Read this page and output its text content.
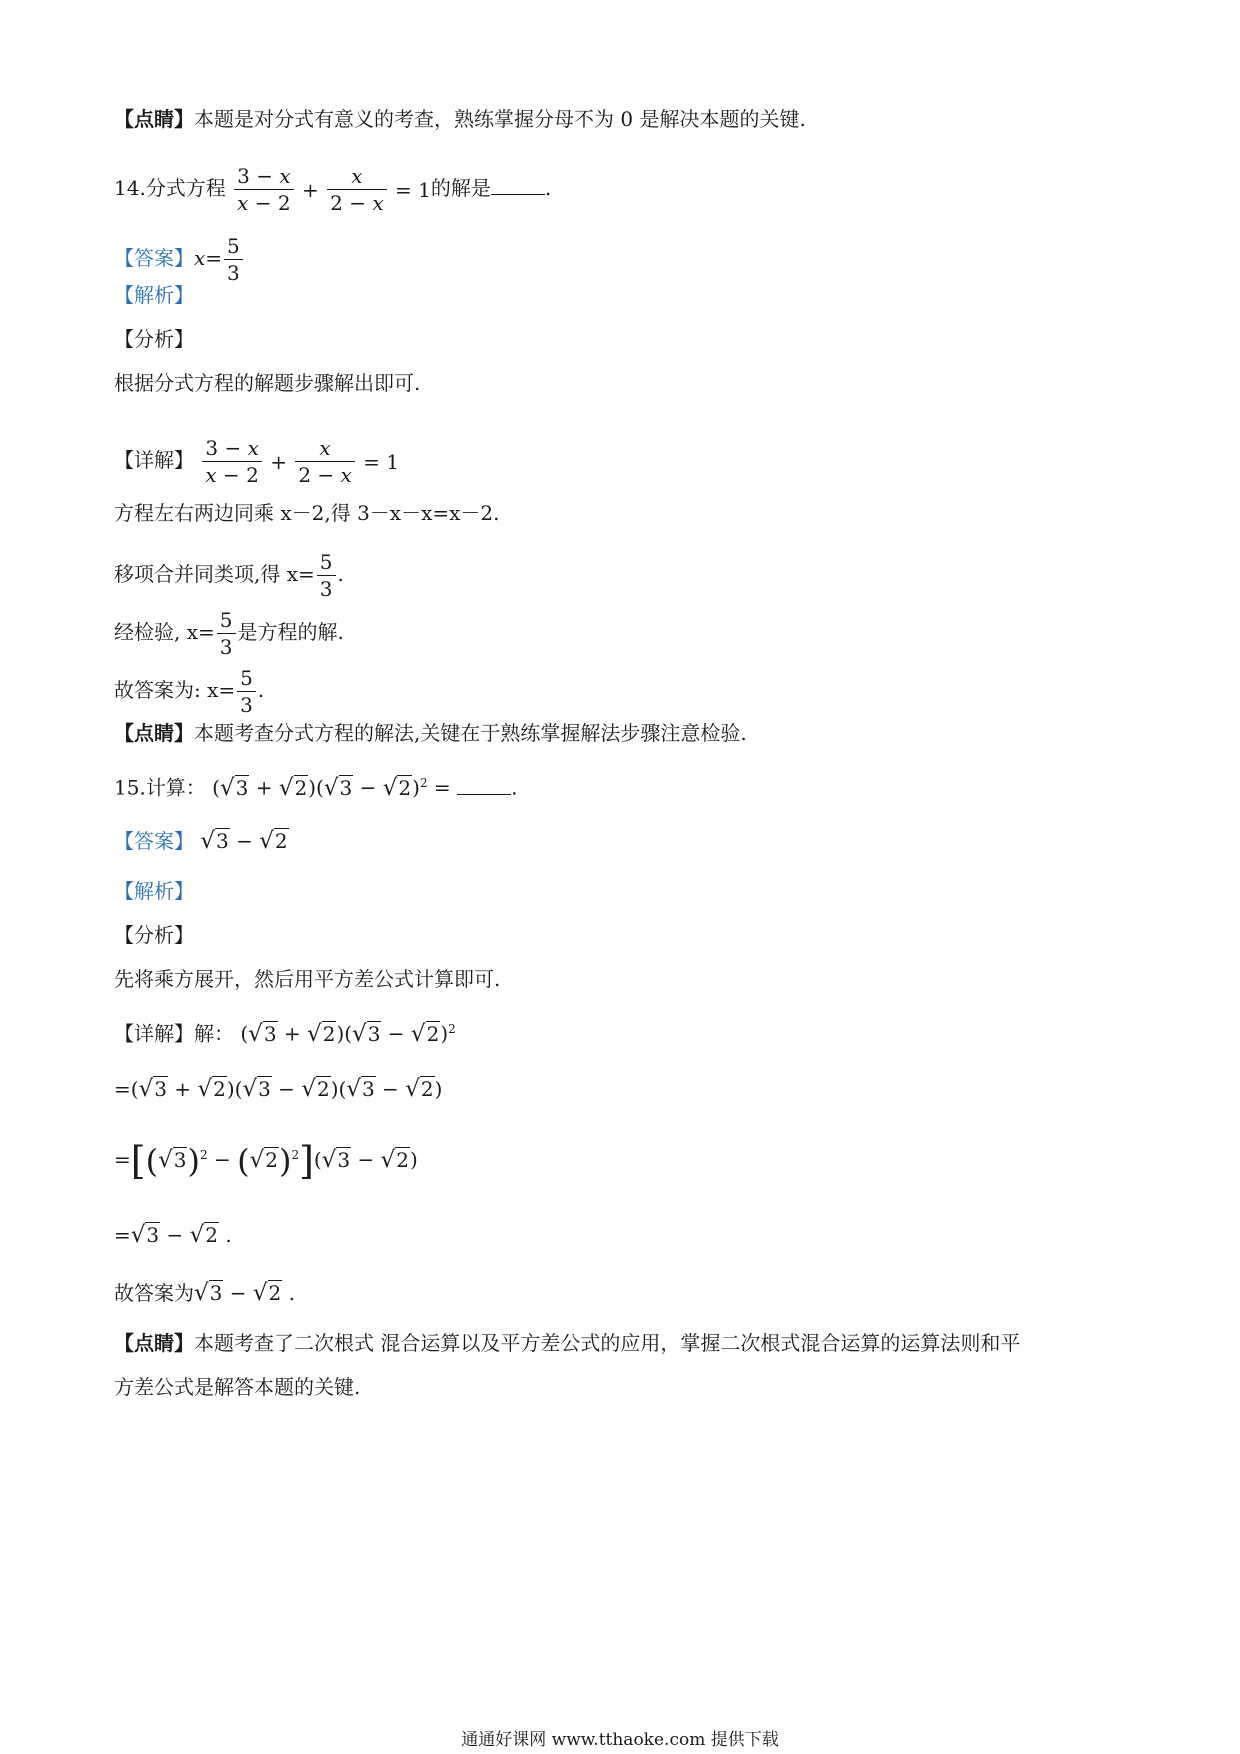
【点睛】本题是对分式有意义的考查，熟练掌握分母不为 0 是解决本题的关键.
14.分式方程 $\frac{3 - x}{x - 2} + \frac{x}{2 - x} = 1$的解是	.
【答案】$x= \frac{5}{3}$
【解析】
【分析】
根据分式方程的解题步骤解出即可.
【详解】 $\frac{3 - x}{x - 2} + \frac{x}{2 - x} = 1$
方程左右两边同乘 x－2,得 3－x－x=x－2.
移项合并同类项,得 $x= \frac{5}{3}$ .
经检验, $x= \frac{5}{3}$ 是方程的解.
故答案为: $x= \frac{5}{3}$ .
【点睛】本题考查分式方程的解法,关键在于熟练掌握解法步骤注意检验.
15.计算： $(√3 + √2)(√3 - √2)^2$ =	.
【答案】 √3 − √2
【解析】
【分析】
先将乘方展开，然后用平方差公式计算即可.
【详解】解： $(√3 + √2)(√3 - √2)^2$
=(√3 + √2)(√3 − √2)(√3 − √2)
$=[(√3)^2 - (√2)^2](√3 - √2)$
=√3 − √2 .
故答案为√3 − √2 .
【点睛】本题考查了二次根式 混合运算以及平方差公式的应用，掌握二次根式混合运算的运算法则和平
方差公式是解答本题的关键.
通通好课网 www.tthaoke.com 提供下载
